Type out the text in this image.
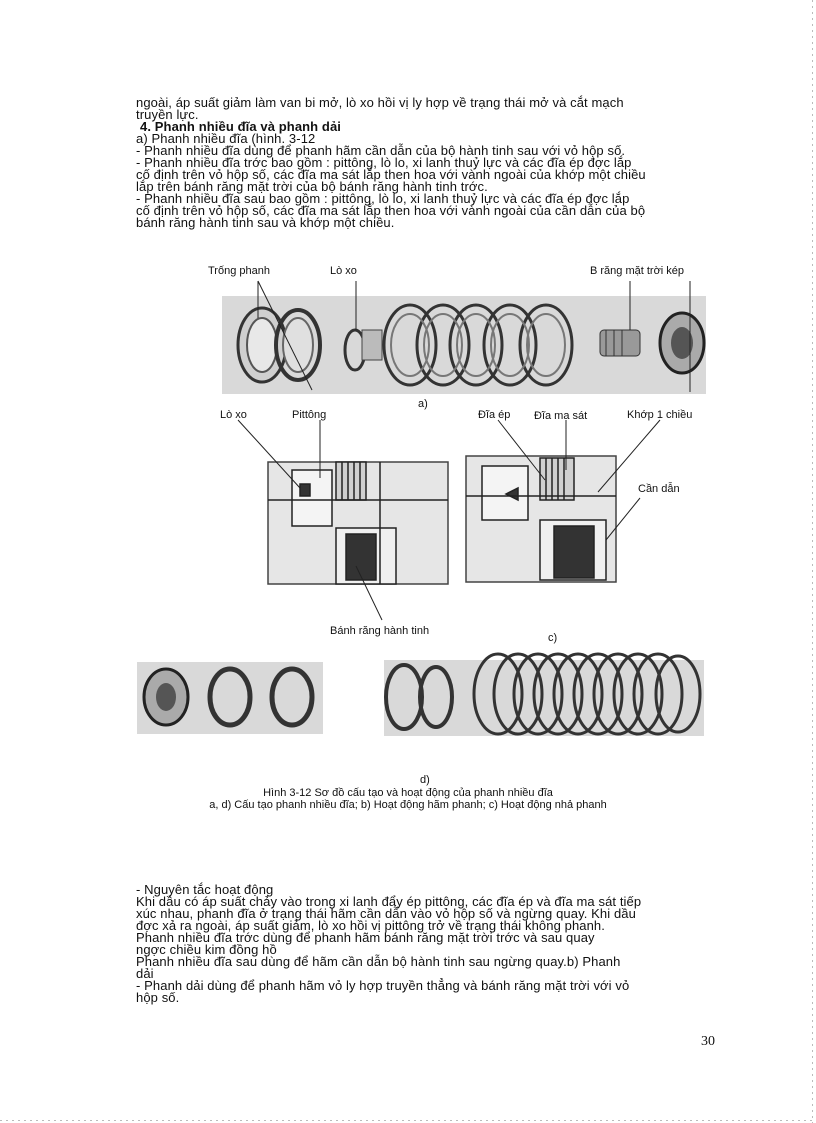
ngoài, áp suất giảm làm van bi mở, lò xo hồi vị ly hợp về trạng thái mở và cắt mạch

truyền lực.

4. Phanh nhiều đĩa và phanh dải

a) Phanh nhiều đĩa (hình. 3-12

- Phanh nhiều đĩa dùng để phanh hãm cần dẫn của bộ hành tinh sau với vỏ hộp số.

- Phanh nhiều đĩa trớc bao gồm : pittông, lò lo, xi lanh thuỷ lực và các đĩa ép đợc lắp

cố định trên vỏ hộp số, các đĩa ma sát lắp then hoa với vành ngoài của khớp một chiều

lắp trên bánh răng mặt trời của bộ bánh răng hành tinh trớc.

- Phanh nhiều đĩa sau bao gồm : pittông, lò lo, xi lanh thuỷ lực và các đĩa ép đợc lắp

cố định trên vỏ hộp số, các đĩa ma sát lắp then hoa với vành ngoài của cần dẫn của bộ

bánh răng hành tinh sau và khớp một chiều.

Trống phanh	Lò xo	B răng mặt trời kép
a)
Lò xo	Pittông	Đĩa ép Đĩa ma sát	Khớp 1 chiều
Cần dẫn
Bánh răng hành tinh
c)
d)
Hình 3-12 Sơ đồ cấu tạo và hoạt động của phanh nhiều đĩa
a, d) Cấu tạo phanh nhiều đĩa; b) Hoạt động hãm phanh; c) Hoạt động nhả phanh

- Nguyên tắc hoạt động

Khi dầu có áp suất chảy vào trong xi lanh đẩy ép pittông, các đĩa ép và đĩa ma sát tiếp

xúc nhau, phanh đĩa ở trạng thái hãm cần dẫn vào vỏ hộp số và ngừng quay. Khi dầu

đợc xả ra ngoài, áp suất giảm, lò xo hồi vị pittông trở về trạng thái không phanh.

Phanh nhiều đĩa trớc dùng để phanh hãm bánh răng mặt trời trớc và sau quay

ngợc chiều kim đồng hồ

Phanh nhiều đĩa sau dùng để hãm cần dẫn bộ hành tinh sau ngừng quay.b) Phanh

dải

- Phanh dải dùng để phanh hãm vỏ ly hợp truyền thẳng và bánh răng mặt trời với vỏ

hộp số.

30
